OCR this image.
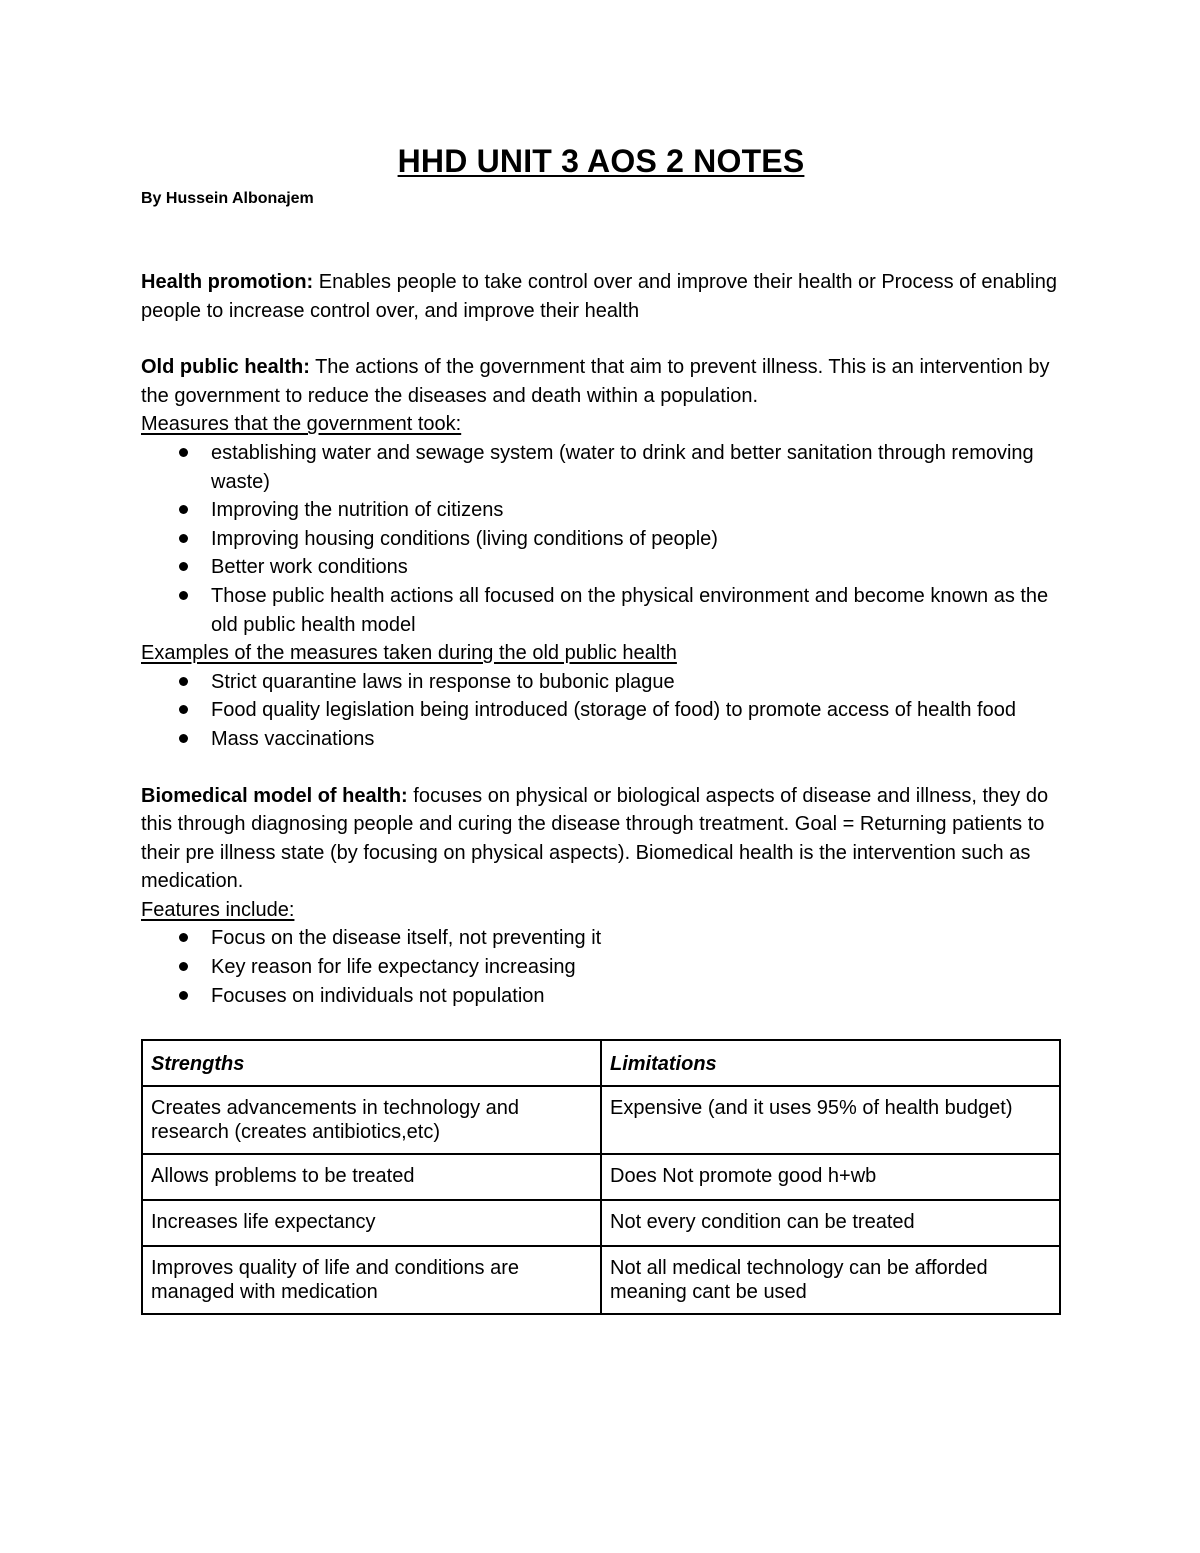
HHD UNIT 3 AOS 2 NOTES

By Hussein Albonajem

Health promotion: Enables people to take control over and improve their health or Process of enabling people to increase control over, and improve their health

Old public health: The actions of the government that aim to prevent illness. This is an intervention by the government to reduce the diseases and death within a population.

Measures that the government took:

establishing water and sewage system (water to drink and better sanitation through removing waste)
Improving the nutrition of citizens
Improving housing conditions (living conditions of people)
Better work conditions
Those public health actions all focused on the physical environment and become known as the old public health model

Examples of the measures taken during the old public health

Strict quarantine laws in response to bubonic plague
Food quality legislation being introduced (storage of food) to promote access of health food
Mass vaccinations

Biomedical model of health: focuses on physical or biological aspects of disease and illness, they do this through diagnosing people and curing the disease through treatment. Goal = Returning patients to their pre illness state (by focusing on physical aspects). Biomedical health is the intervention such as medication.

Features include:

Focus on the disease itself, not preventing it
Key reason for life expectancy increasing
Focuses on individuals not population
Strengths	Limitations
Creates advancements in technology and research (creates antibiotics,etc)	Expensive (and it uses 95% of health budget)
Allows problems to be treated	Does Not promote good h+wb
Increases life expectancy	Not every condition can be treated
Improves quality of life and conditions are managed with medication	Not all medical technology can be afforded meaning cant be used
